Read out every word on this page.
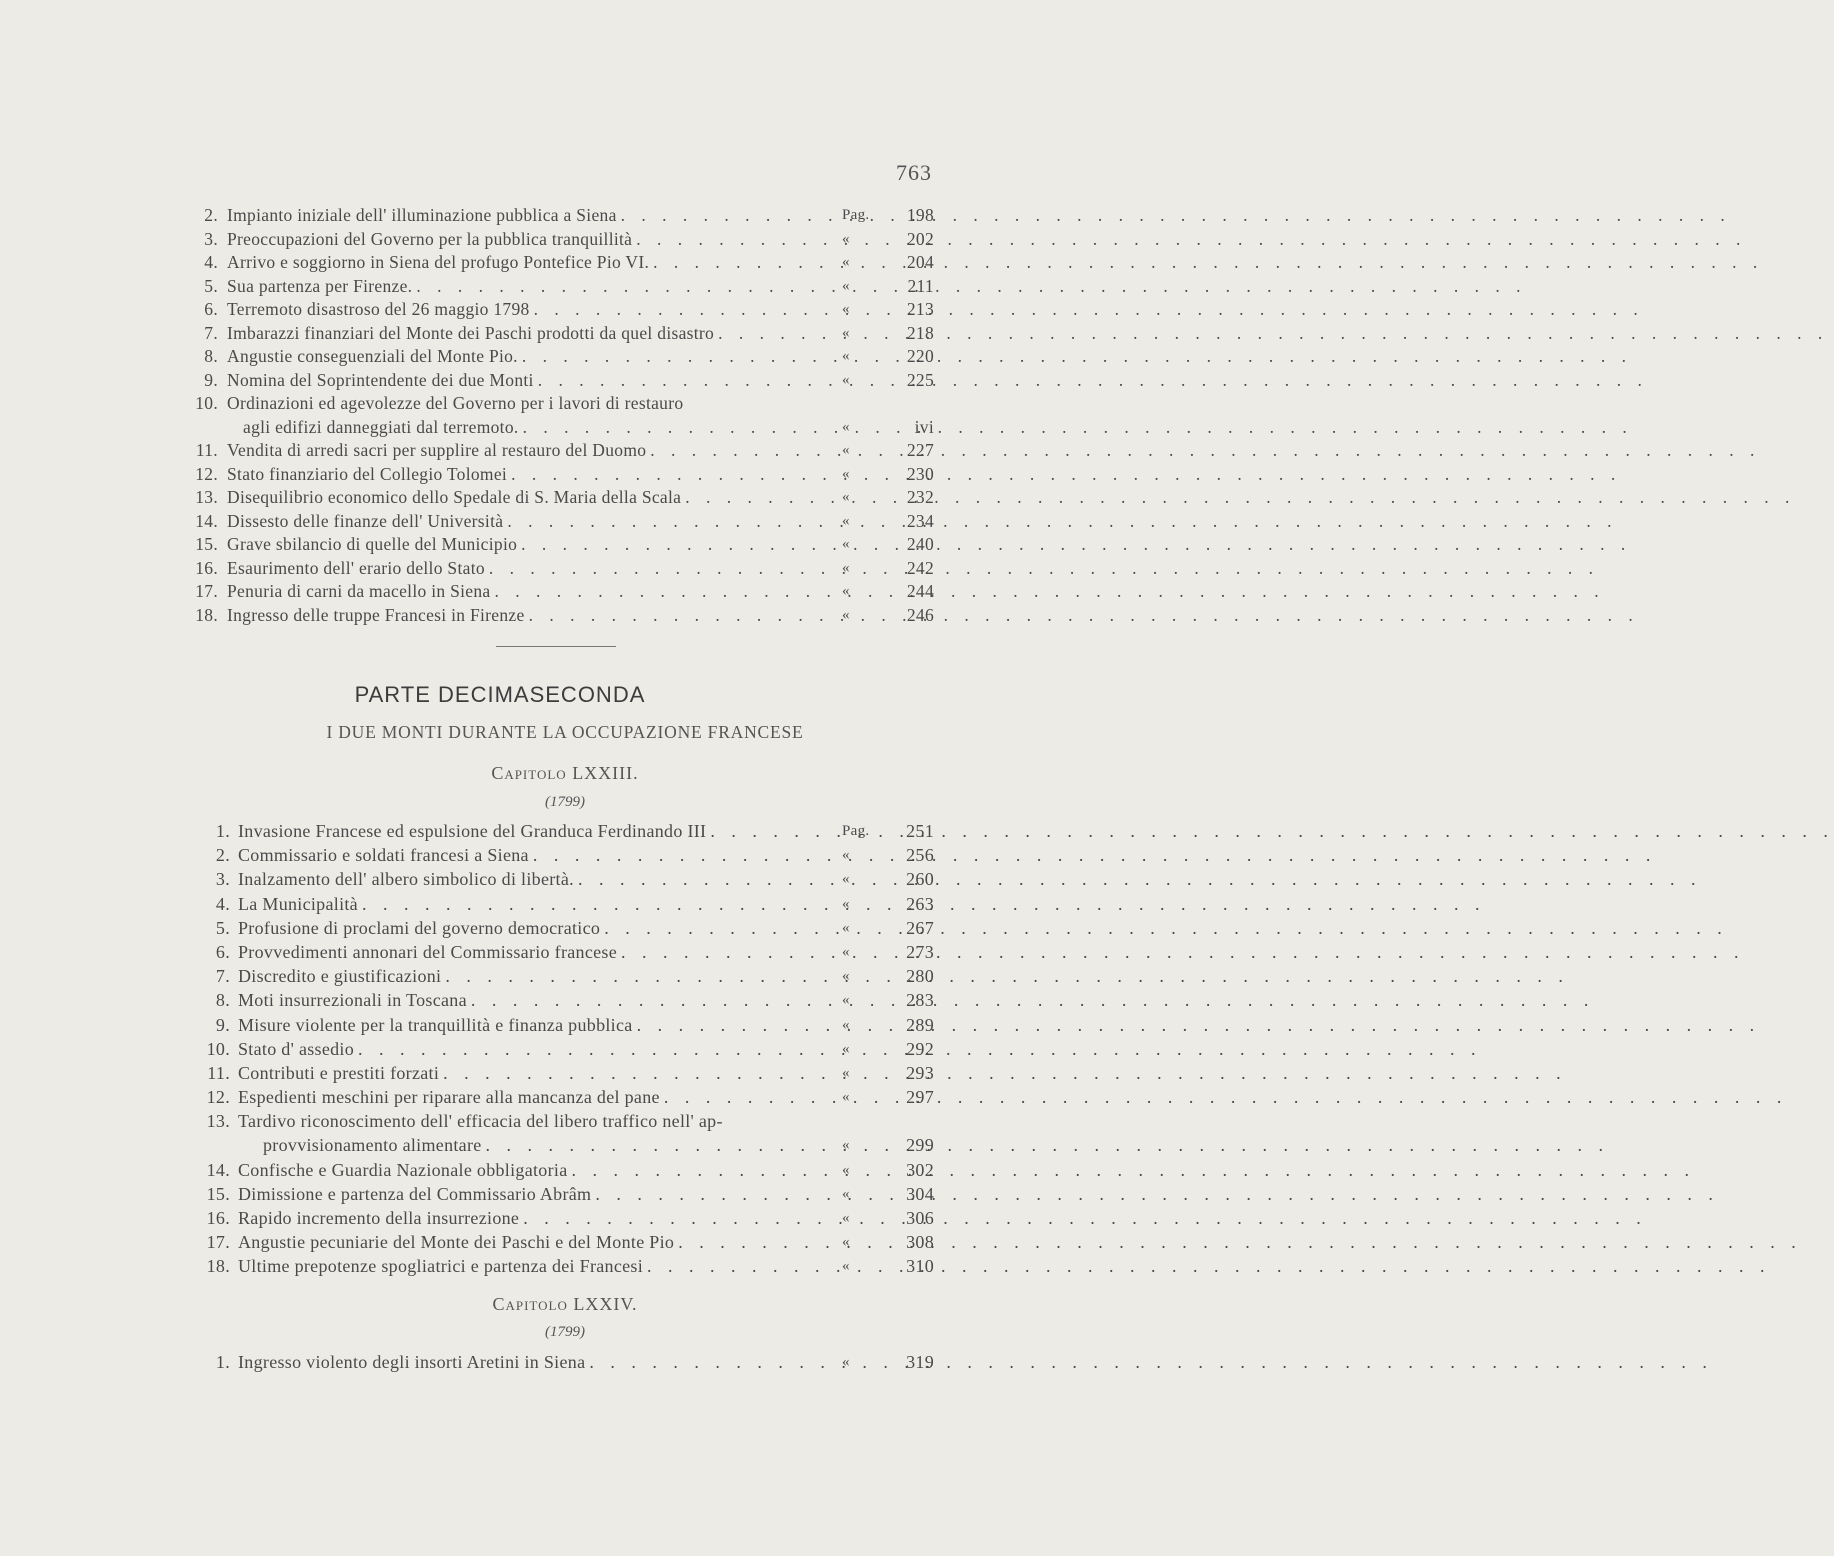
763
2. Impianto iniziale dell' illuminazione pubblica a Siena . . .	Pag.	198
3. Preoccupazioni del Governo per la pubblica tranquillità . . .	«	202
4. Arrivo e soggiorno in Siena del profugo Pontefice Pio VI. . . .	«	204
5. Sua partenza per Firenze. . . .	«	211
6. Terremoto disastroso del 26 maggio 1798 . . .	«	213
7. Imbarazzi finanziari del Monte dei Paschi prodotti da quel disastro . . .	«	218
8. Angustie conseguenziali del Monte Pio. . . .	«	220
9. Nomina del Soprintendente dei due Monti . . .	«	225
10. Ordinazioni ed agevolezze del Governo per i lavori di restauro
agli edifizi danneggiati dal terremoto. . . .	«	ivi
11. Vendita di arredi sacri per supplire al restauro del Duomo . . .	«	227
12. Stato finanziario del Collegio Tolomei . . .	«	230
13. Disequilibrio economico dello Spedale di S. Maria della Scala . . .	«	232
14. Dissesto delle finanze dell' Università . . .	«	234
15. Grave sbilancio di quelle del Municipio . . .	«	240
16. Esaurimento dell' erario dello Stato . . .	«	242
17. Penuria di carni da macello in Siena . . .	«	244
18. Ingresso delle truppe Francesi in Firenze . . .	«	246
PARTE DECIMASECONDA
I DUE MONTI DURANTE LA OCCUPAZIONE FRANCESE
Capitolo LXXIII.
(1799)
1. Invasione Francese ed espulsione del Granduca Ferdinando III . . .	Pag.	251
2. Commissario e soldati francesi a Siena . . .	«	256
3. Inalzamento dell' albero simbolico di libertà. . . .	«	260
4. La Municipalità . . .	«	263
5. Profusione di proclami del governo democratico . . .	«	267
6. Provvedimenti annonari del Commissario francese . . .	«	273
7. Discredito e giustificazioni . . .	«	280
8. Moti insurrezionali in Toscana . . .	«	283
9. Misure violente per la tranquillità e finanza pubblica . . .	«	289
10. Stato d' assedio . . .	«	292
11. Contributi e prestiti forzati . . .	«	293
12. Espedienti meschini per riparare alla mancanza del pane . . .	«	297
13. Tardivo riconoscimento dell' efficacia del libero traffico nell' ap-
provvisionamento alimentare . . .	«	299
14. Confische e Guardia Nazionale obbligatoria . . .	«	302
15. Dimissione e partenza del Commissario Abrâm . . .	«	304
16. Rapido incremento della insurrezione . . .	«	306
17. Angustie pecuniarie del Monte dei Paschi e del Monte Pio . . .	«	308
18. Ultime prepotenze spogliatrici e partenza dei Francesi . . .	«	310
Capitolo LXXIV.
(1799)
1. Ingresso violento degli insorti Aretini in Siena . . .	«	319
